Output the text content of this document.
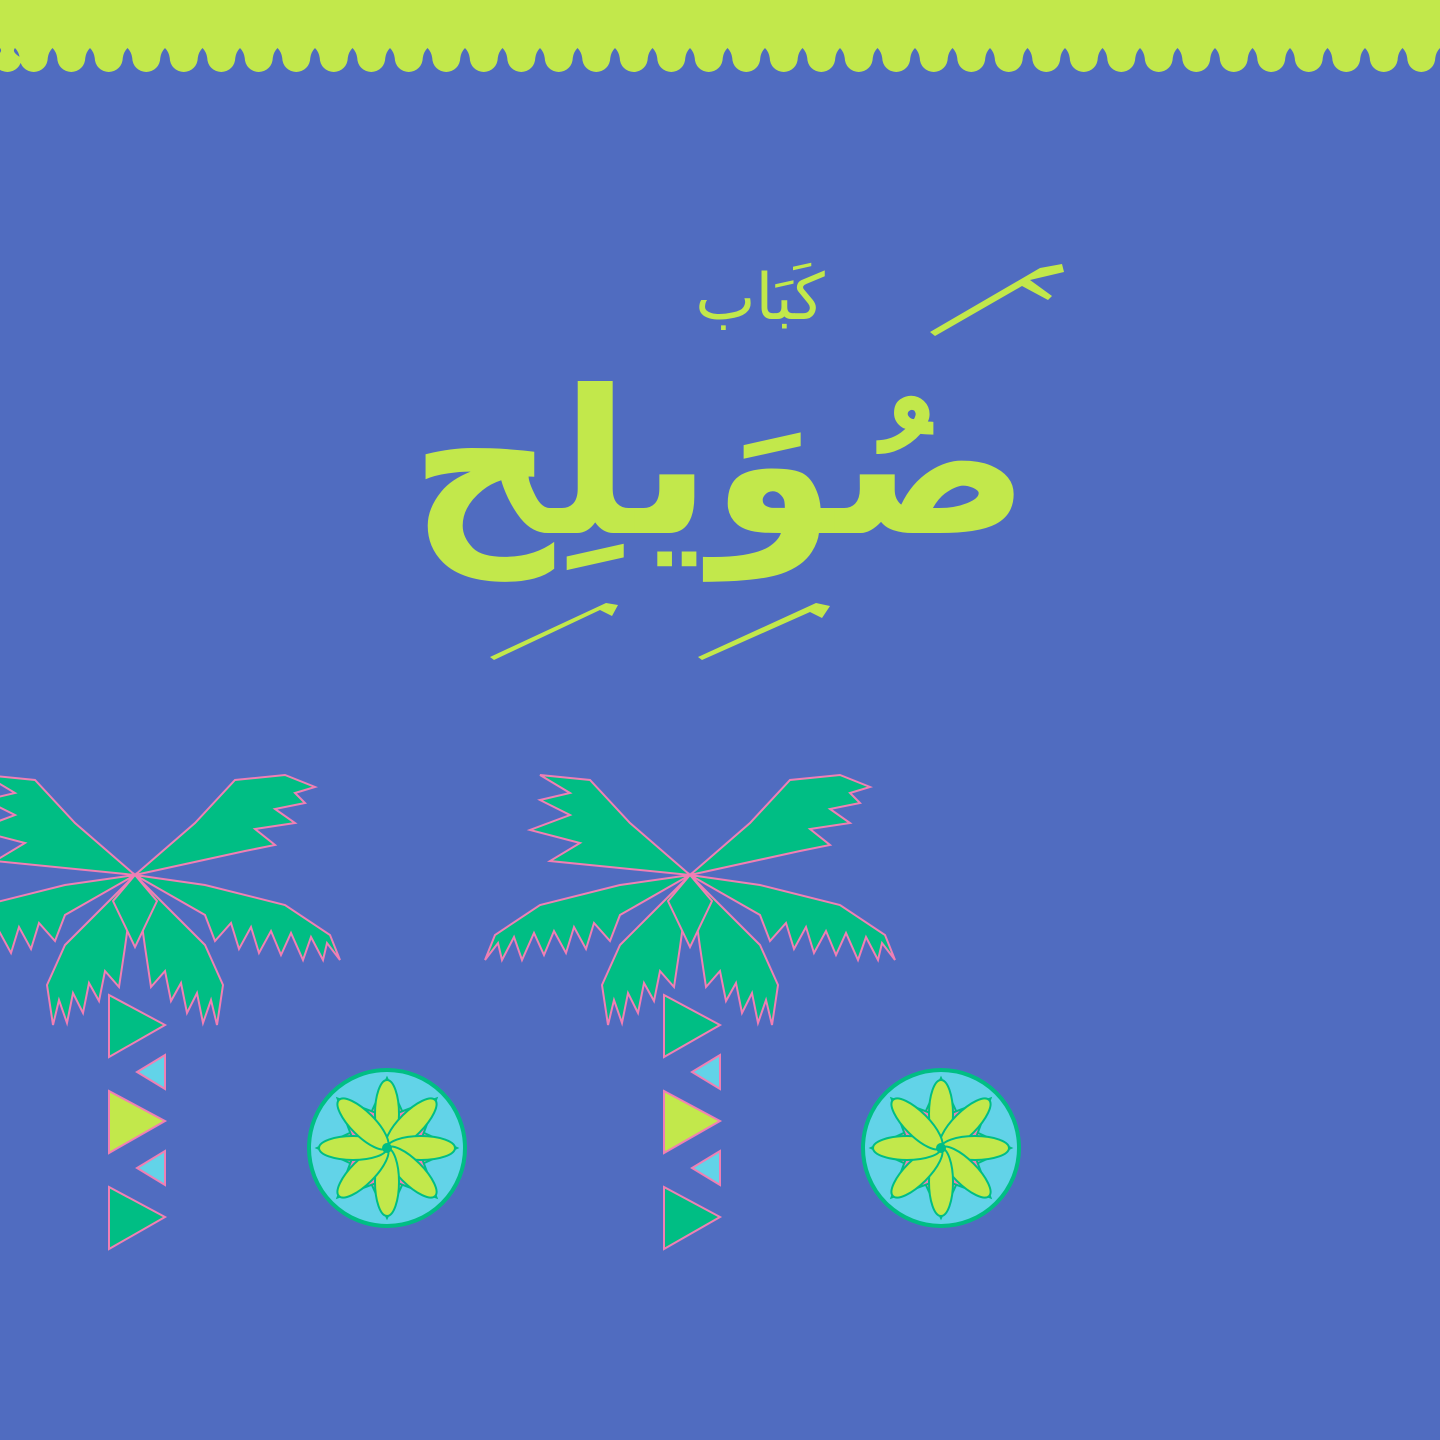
كَبَاب
صُوَيلِح
